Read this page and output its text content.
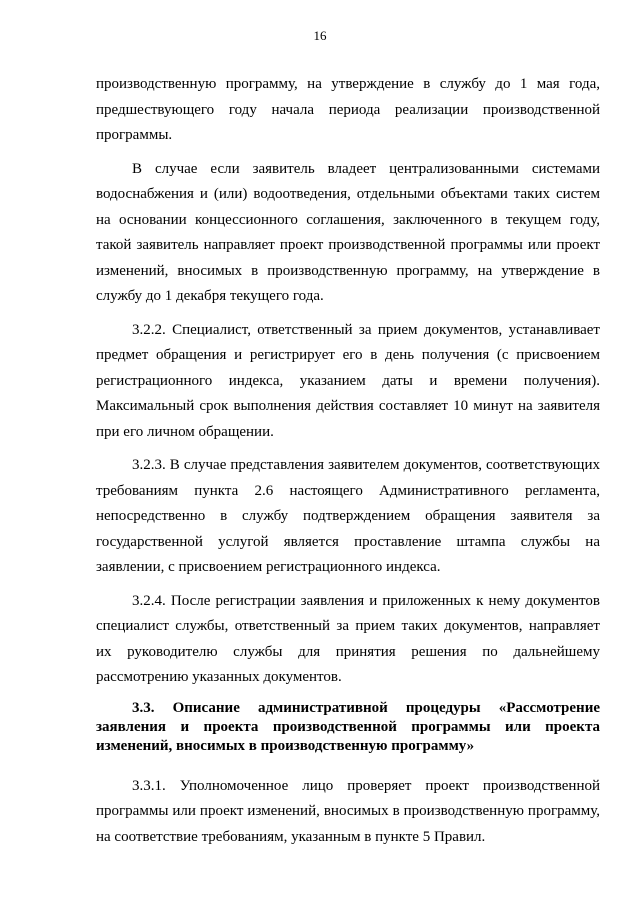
16

производственную программу, на утверждение в службу до 1 мая года, предшествующего году начала периода реализации производственной программы.

В случае если заявитель владеет централизованными системами водоснабжения и (или) водоотведения, отдельными объектами таких систем на основании концессионного соглашения, заключенного в текущем году, такой заявитель направляет проект производственной программы или проект изменений, вносимых в производственную программу, на утверждение в службу до 1 декабря текущего года.

3.2.2. Специалист, ответственный за прием документов, устанавливает предмет обращения и регистрирует его в день получения (с присвоением регистрационного индекса, указанием даты и времени получения). Максимальный срок выполнения действия составляет 10 минут на заявителя при его личном обращении.

3.2.3. В случае представления заявителем документов, соответствующих требованиям пункта 2.6 настоящего Административного регламента, непосредственно в службу подтверждением обращения заявителя за государственной услугой является проставление штампа службы на заявлении, с присвоением регистрационного индекса.

3.2.4. После регистрации заявления и приложенных к нему документов специалист службы, ответственный за прием таких документов, направляет их руководителю службы для принятия решения по дальнейшему рассмотрению указанных документов.

3.3. Описание административной процедуры «Рассмотрение заявления и проекта производственной программы или проекта изменений, вносимых в производственную программу»

3.3.1. Уполномоченное лицо проверяет проект производственной программы или проект изменений, вносимых в производственную программу, на соответствие требованиям, указанным в пункте 5 Правил.
